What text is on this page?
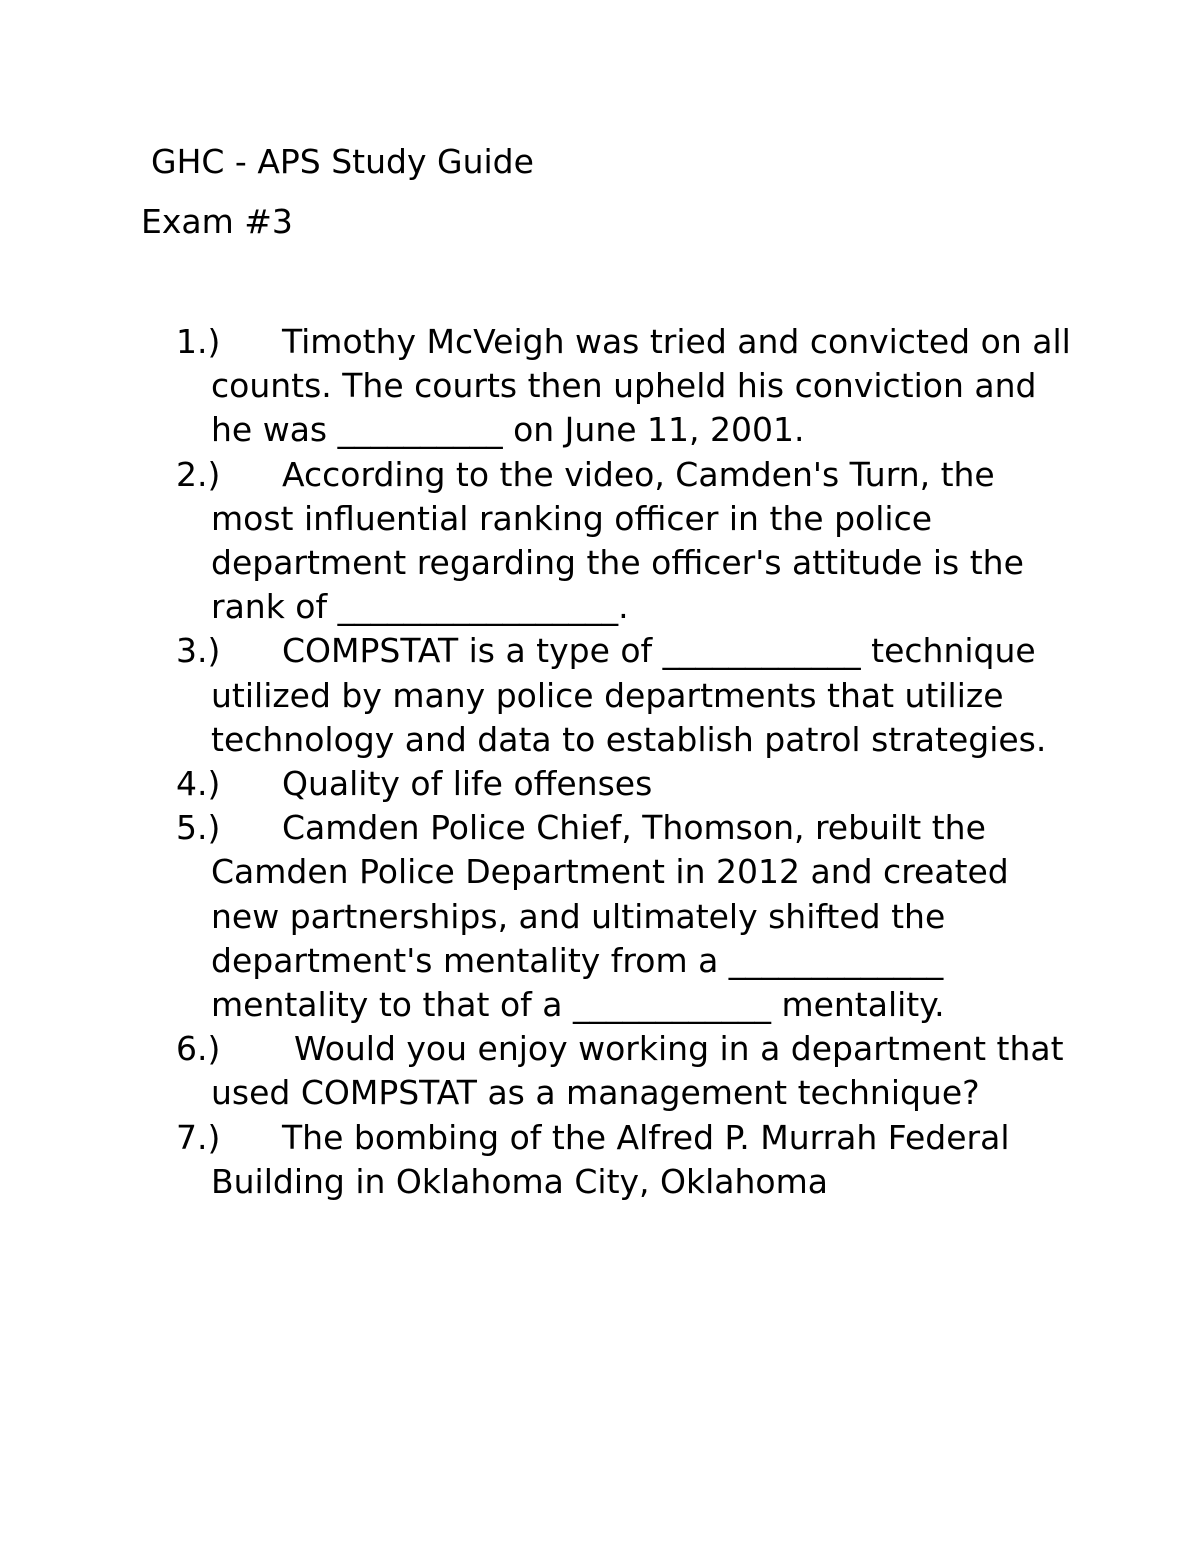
GHC - APS Study Guide
Exam #3
1.)	Timothy McVeigh was tried and convicted on all counts. The courts then upheld his conviction and he was __________ on June 11, 2001.
2.)	According to the video, Camden's Turn, the most influential ranking officer in the police department regarding the officer's attitude is the rank of _________________.
3.)	COMPSTAT is a type of ____________ technique utilized by many police departments that utilize technology and data to establish patrol strategies.
4.)	Quality of life offenses
5.)	Camden Police Chief, Thomson, rebuilt the Camden Police Department in 2012 and created new partnerships, and ultimately shifted the department's mentality from a _____________ mentality to that of a ____________ mentality.
6.)	Would you enjoy working in a department that used COMPSTAT as a management technique?
7.)	The bombing of the Alfred P. Murrah Federal Building in Oklahoma City, Oklahoma
